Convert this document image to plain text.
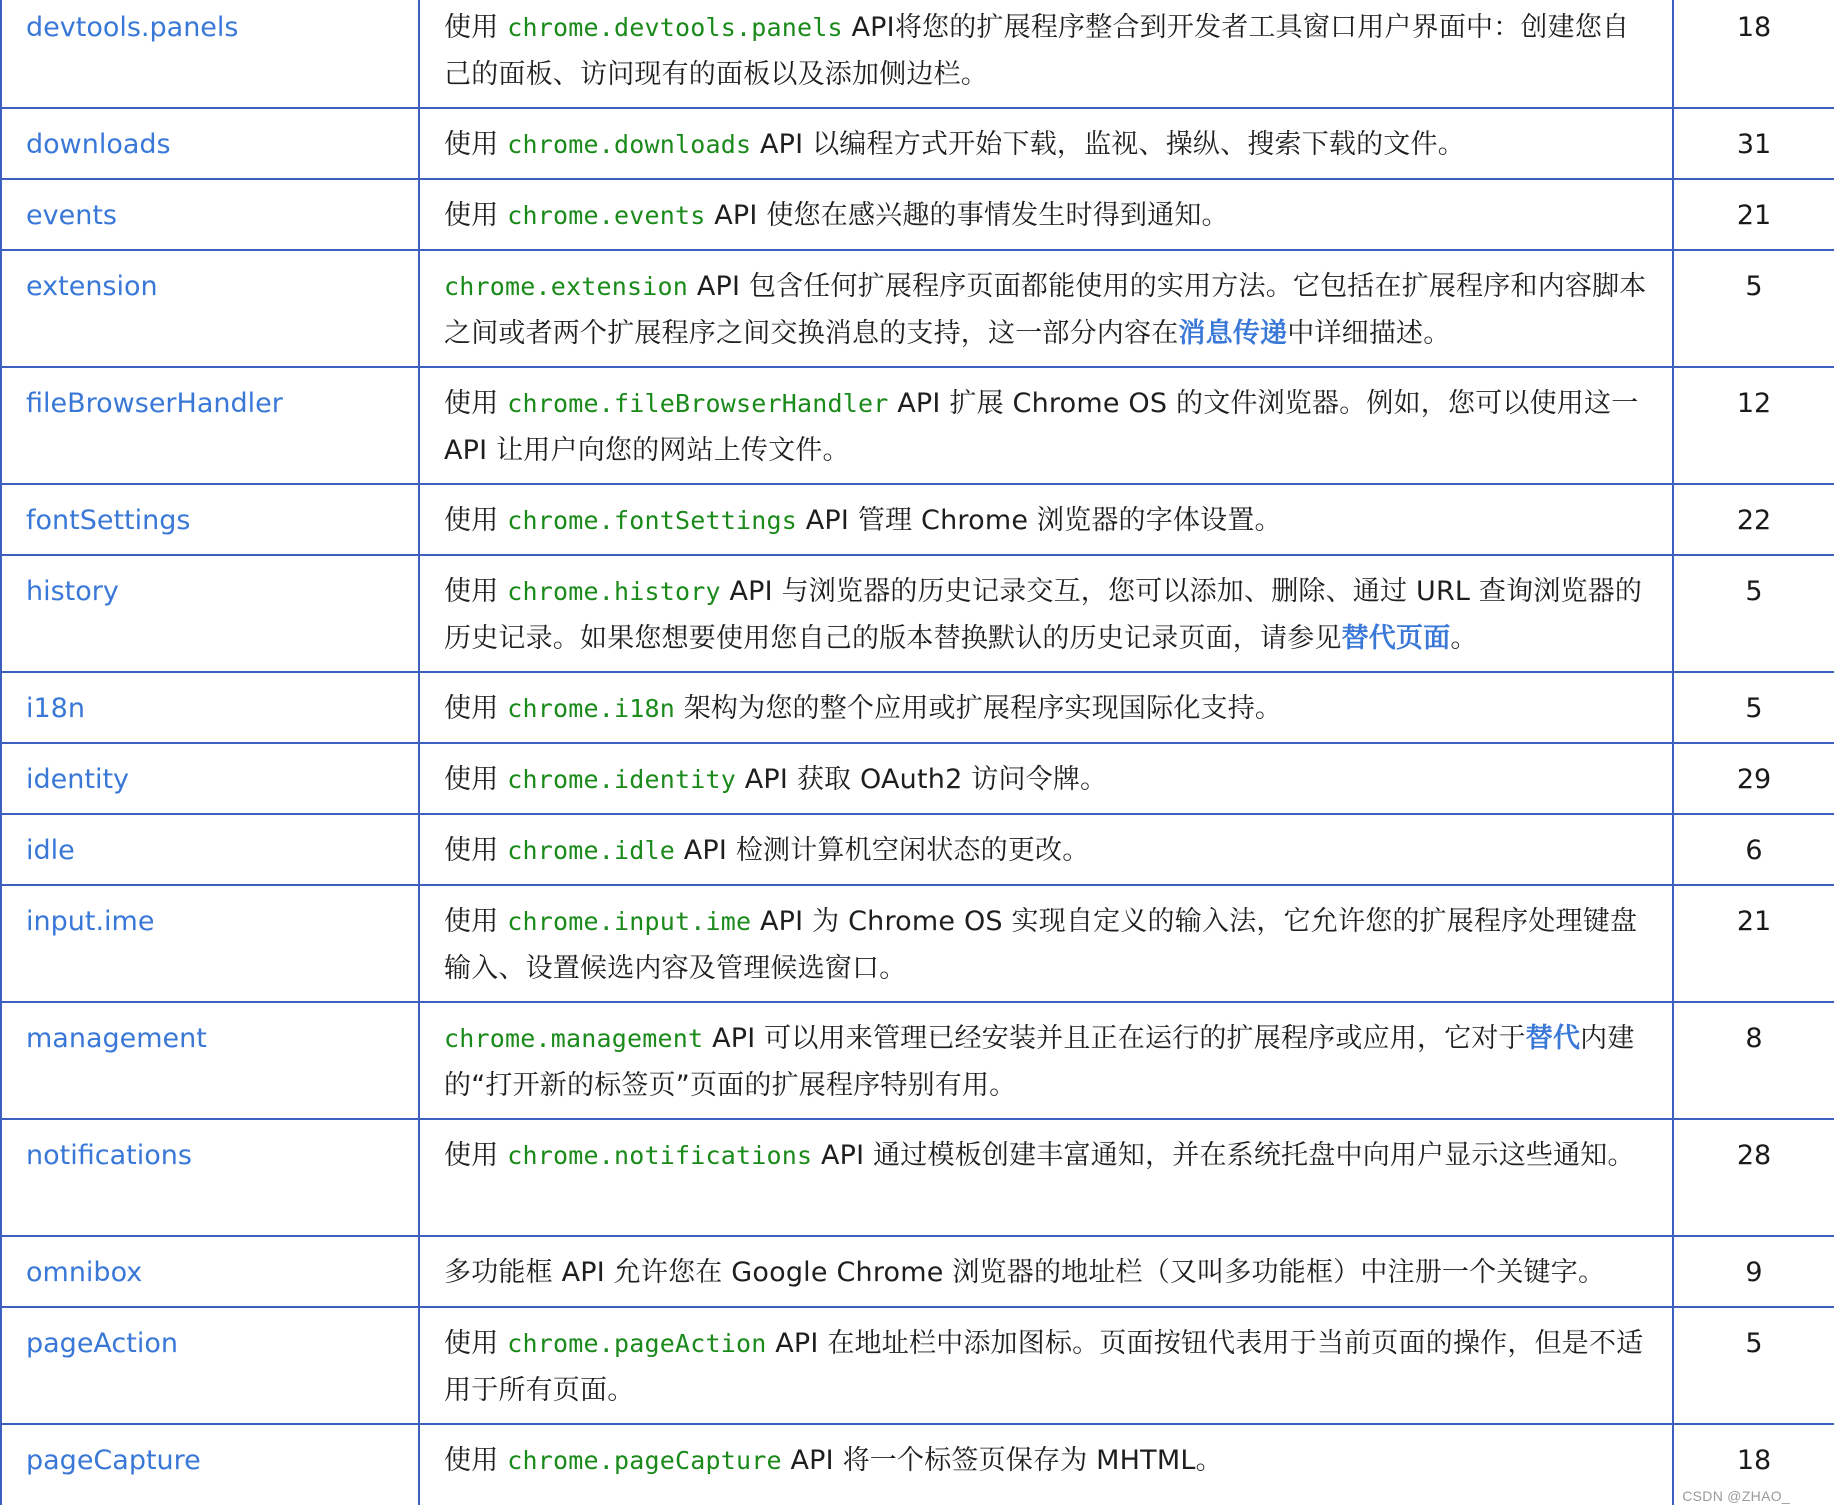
devtools.panels	使用 chrome.devtools.panels API将您的扩展程序整合到开发者工具窗口用户界面中：创建您自己的面板、访问现有的面板以及添加侧边栏。	18

downloads	使用 chrome.downloads API 以编程方式开始下载，监视、操纵、搜索下载的文件。	31

events	使用 chrome.events API 使您在感兴趣的事情发生时得到通知。	21

extension	chrome.extension API 包含任何扩展程序页面都能使用的实用方法。它包括在扩展程序和内容脚本之间或者两个扩展程序之间交换消息的支持，这一部分内容在消息传递中详细描述。	5

fileBrowserHandler	使用 chrome.fileBrowserHandler API 扩展 Chrome OS 的文件浏览器。例如，您可以使用这一 API 让用户向您的网站上传文件。	12

fontSettings	使用 chrome.fontSettings API 管理 Chrome 浏览器的字体设置。	22

history	使用 chrome.history API 与浏览器的历史记录交互，您可以添加、删除、通过 URL 查询浏览器的历史记录。如果您想要使用您自己的版本替换默认的历史记录页面，请参见替代页面。	5

i18n	使用 chrome.i18n 架构为您的整个应用或扩展程序实现国际化支持。	5

identity	使用 chrome.identity API 获取 OAuth2 访问令牌。	29

idle	使用 chrome.idle API 检测计算机空闲状态的更改。	6

input.ime	使用 chrome.input.ime API 为 Chrome OS 实现自定义的输入法，它允许您的扩展程序处理键盘输入、设置候选内容及管理候选窗口。	21

management	chrome.management API 可以用来管理已经安装并且正在运行的扩展程序或应用，它对于替代内建的“打开新的标签页”页面的扩展程序特别有用。	8

notifications	使用 chrome.notifications API 通过模板创建丰富通知，并在系统托盘中向用户显示这些通知。	28

omnibox	多功能框 API 允许您在 Google Chrome 浏览器的地址栏（又叫多功能框）中注册一个关键字。	9

pageAction	使用 chrome.pageAction API 在地址栏中添加图标。页面按钮代表用于当前页面的操作，但是不适用于所有页面。	5

pageCapture	使用 chrome.pageCapture API 将一个标签页保存为 MHTML。	18
CSDN @ZHAO_
